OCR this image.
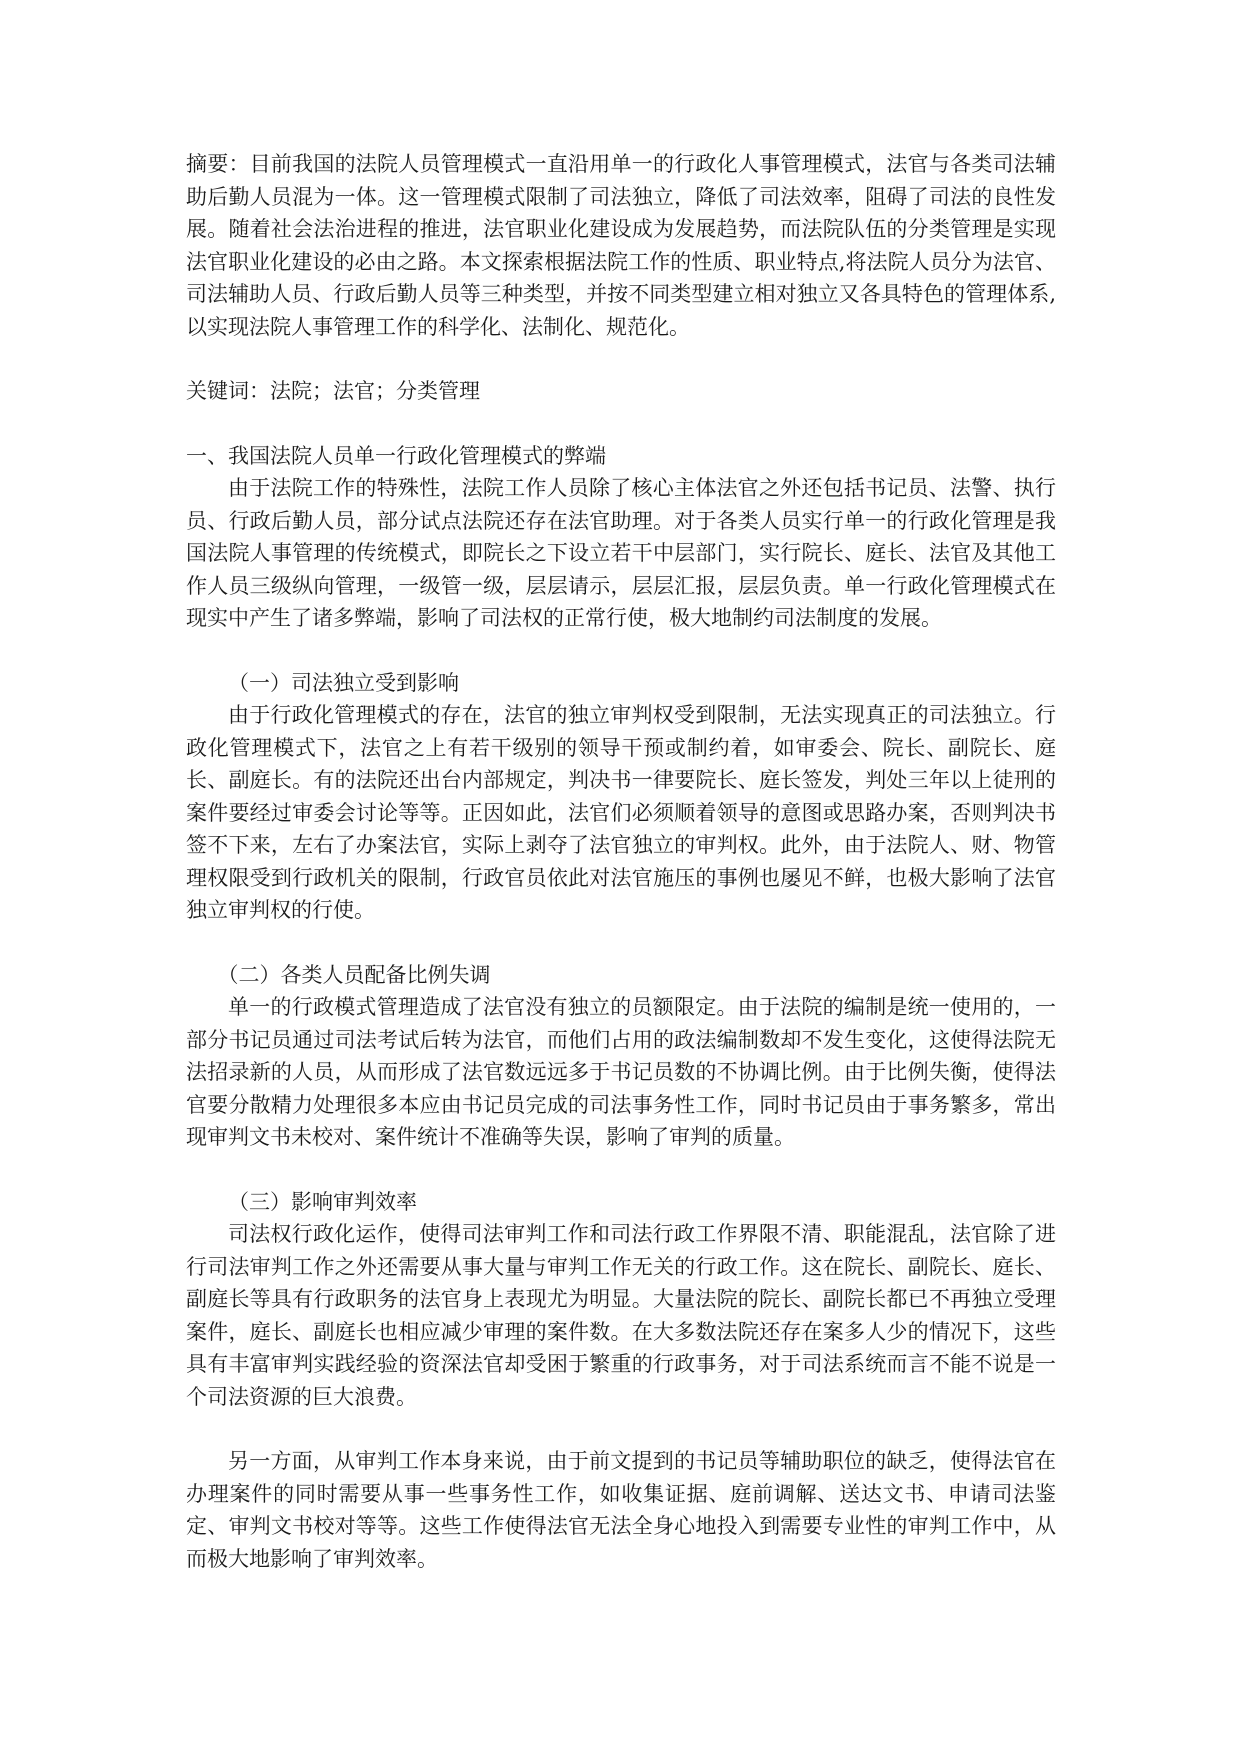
摘要：目前我国的法院人员管理模式一直沿用单一的行政化人事管理模式，法官与各类司法辅助后勤人员混为一体。这一管理模式限制了司法独立，降低了司法效率，阻碍了司法的良性发展。随着社会法治进程的推进，法官职业化建设成为发展趋势，而法院队伍的分类管理是实现法官职业化建设的必由之路。本文探索根据法院工作的性质、职业特点,将法院人员分为法官、司法辅助人员、行政后勤人员等三种类型，并按不同类型建立相对独立又各具特色的管理体系,以实现法院人事管理工作的科学化、法制化、规范化。

关键词：法院；法官；分类管理

一、我国法院人员单一行政化管理模式的弊端

由于法院工作的特殊性，法院工作人员除了核心主体法官之外还包括书记员、法警、执行员、行政后勤人员，部分试点法院还存在法官助理。对于各类人员实行单一的行政化管理是我国法院人事管理的传统模式，即院长之下设立若干中层部门，实行院长、庭长、法官及其他工作人员三级纵向管理，一级管一级，层层请示，层层汇报，层层负责。单一行政化管理模式在现实中产生了诸多弊端，影响了司法权的正常行使，极大地制约司法制度的发展。

（一）司法独立受到影响

由于行政化管理模式的存在，法官的独立审判权受到限制，无法实现真正的司法独立。行政化管理模式下，法官之上有若干级别的领导干预或制约着，如审委会、院长、副院长、庭长、副庭长。有的法院还出台内部规定，判决书一律要院长、庭长签发，判处三年以上徒刑的案件要经过审委会讨论等等。正因如此，法官们必须顺着领导的意图或思路办案，否则判决书签不下来，左右了办案法官，实际上剥夺了法官独立的审判权。此外，由于法院人、财、物管理权限受到行政机关的限制，行政官员依此对法官施压的事例也屡见不鲜，也极大影响了法官独立审判权的行使。

（二）各类人员配备比例失调

单一的行政模式管理造成了法官没有独立的员额限定。由于法院的编制是统一使用的，一部分书记员通过司法考试后转为法官，而他们占用的政法编制数却不发生变化，这使得法院无法招录新的人员，从而形成了法官数远远多于书记员数的不协调比例。由于比例失衡，使得法官要分散精力处理很多本应由书记员完成的司法事务性工作，同时书记员由于事务繁多，常出现审判文书未校对、案件统计不准确等失误，影响了审判的质量。

（三）影响审判效率

司法权行政化运作，使得司法审判工作和司法行政工作界限不清、职能混乱，法官除了进行司法审判工作之外还需要从事大量与审判工作无关的行政工作。这在院长、副院长、庭长、副庭长等具有行政职务的法官身上表现尤为明显。大量法院的院长、副院长都已不再独立受理案件，庭长、副庭长也相应减少审理的案件数。在大多数法院还存在案多人少的情况下，这些具有丰富审判实践经验的资深法官却受困于繁重的行政事务，对于司法系统而言不能不说是一个司法资源的巨大浪费。

另一方面，从审判工作本身来说，由于前文提到的书记员等辅助职位的缺乏，使得法官在办理案件的同时需要从事一些事务性工作，如收集证据、庭前调解、送达文书、申请司法鉴定、审判文书校对等等。这些工作使得法官无法全身心地投入到需要专业性的审判工作中，从而极大地影响了审判效率。
